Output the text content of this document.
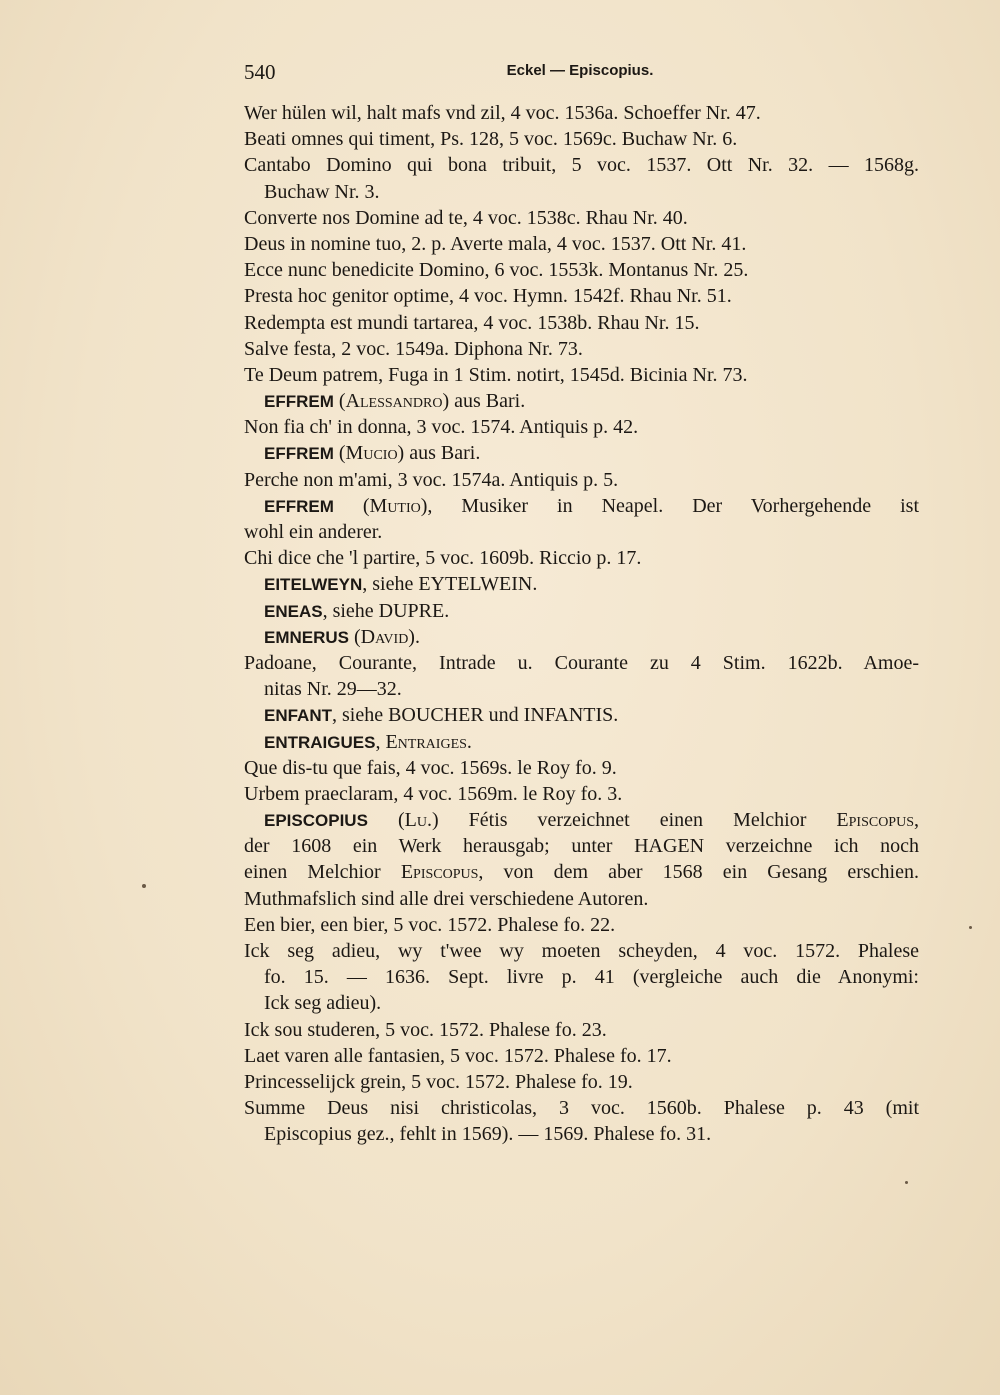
540	Eckel — Episcopius.
Wer hülen wil, halt mafs vnd zil, 4 voc. 1536a. Schoeffer Nr. 47.
Beati omnes qui timent, Ps. 128, 5 voc. 1569c. Buchaw Nr. 6.
Cantabo Domino qui bona tribuit, 5 voc. 1537. Ott Nr. 32. — 1568g.
Buchaw Nr. 3.
Converte nos Domine ad te, 4 voc. 1538c. Rhau Nr. 40.
Deus in nomine tuo, 2. p. Averte mala, 4 voc. 1537. Ott Nr. 41.
Ecce nunc benedicite Domino, 6 voc. 1553k. Montanus Nr. 25.
Presta hoc genitor optime, 4 voc. Hymn. 1542f. Rhau Nr. 51.
Redempta est mundi tartarea, 4 voc. 1538b. Rhau Nr. 15.
Salve festa, 2 voc. 1549a. Diphona Nr. 73.
Te Deum patrem, Fuga in 1 Stim. notirt, 1545d. Bicinia Nr. 73.
EFFREM (Alessandro) aus Bari.
Non fia ch' in donna, 3 voc. 1574. Antiquis p. 42.
EFFREM (Mucio) aus Bari.
Perche non m'ami, 3 voc. 1574a. Antiquis p. 5.
EFFREM (Mutio), Musiker in Neapel. Der Vorhergehende ist
wohl ein anderer.
Chi dice che 'l partire, 5 voc. 1609b. Riccio p. 17.
EITELWEYN, siehe EYTELWEIN.
ENEAS, siehe DUPRE.
EMNERUS (David).
Padoane, Courante, Intrade u. Courante zu 4 Stim. 1622b. Amoe-
nitas Nr. 29—32.
ENFANT, siehe BOUCHER und INFANTIS.
ENTRAIGUES, Entraiges.
Que dis-tu que fais, 4 voc. 1569s. le Roy fo. 9.
Urbem praeclaram, 4 voc. 1569m. le Roy fo. 3.
EPISCOPIUS (Lu.) Fétis verzeichnet einen Melchior Episcopus,
der 1608 ein Werk herausgab; unter HAGEN verzeichne ich noch
einen Melchior Episcopus, von dem aber 1568 ein Gesang erschien.
Muthmafslich sind alle drei verschiedene Autoren.
Een bier, een bier, 5 voc. 1572. Phalese fo. 22.
Ick seg adieu, wy t'wee wy moeten scheyden, 4 voc. 1572. Phalese
fo. 15. — 1636. Sept. livre p. 41 (vergleiche auch die Anonymi:
Ick seg adieu).
Ick sou studeren, 5 voc. 1572. Phalese fo. 23.
Laet varen alle fantasien, 5 voc. 1572. Phalese fo. 17.
Princesselijck grein, 5 voc. 1572. Phalese fo. 19.
Summe Deus nisi christicolas, 3 voc. 1560b. Phalese p. 43 (mit
Episcopius gez., fehlt in 1569). — 1569. Phalese fo. 31.
